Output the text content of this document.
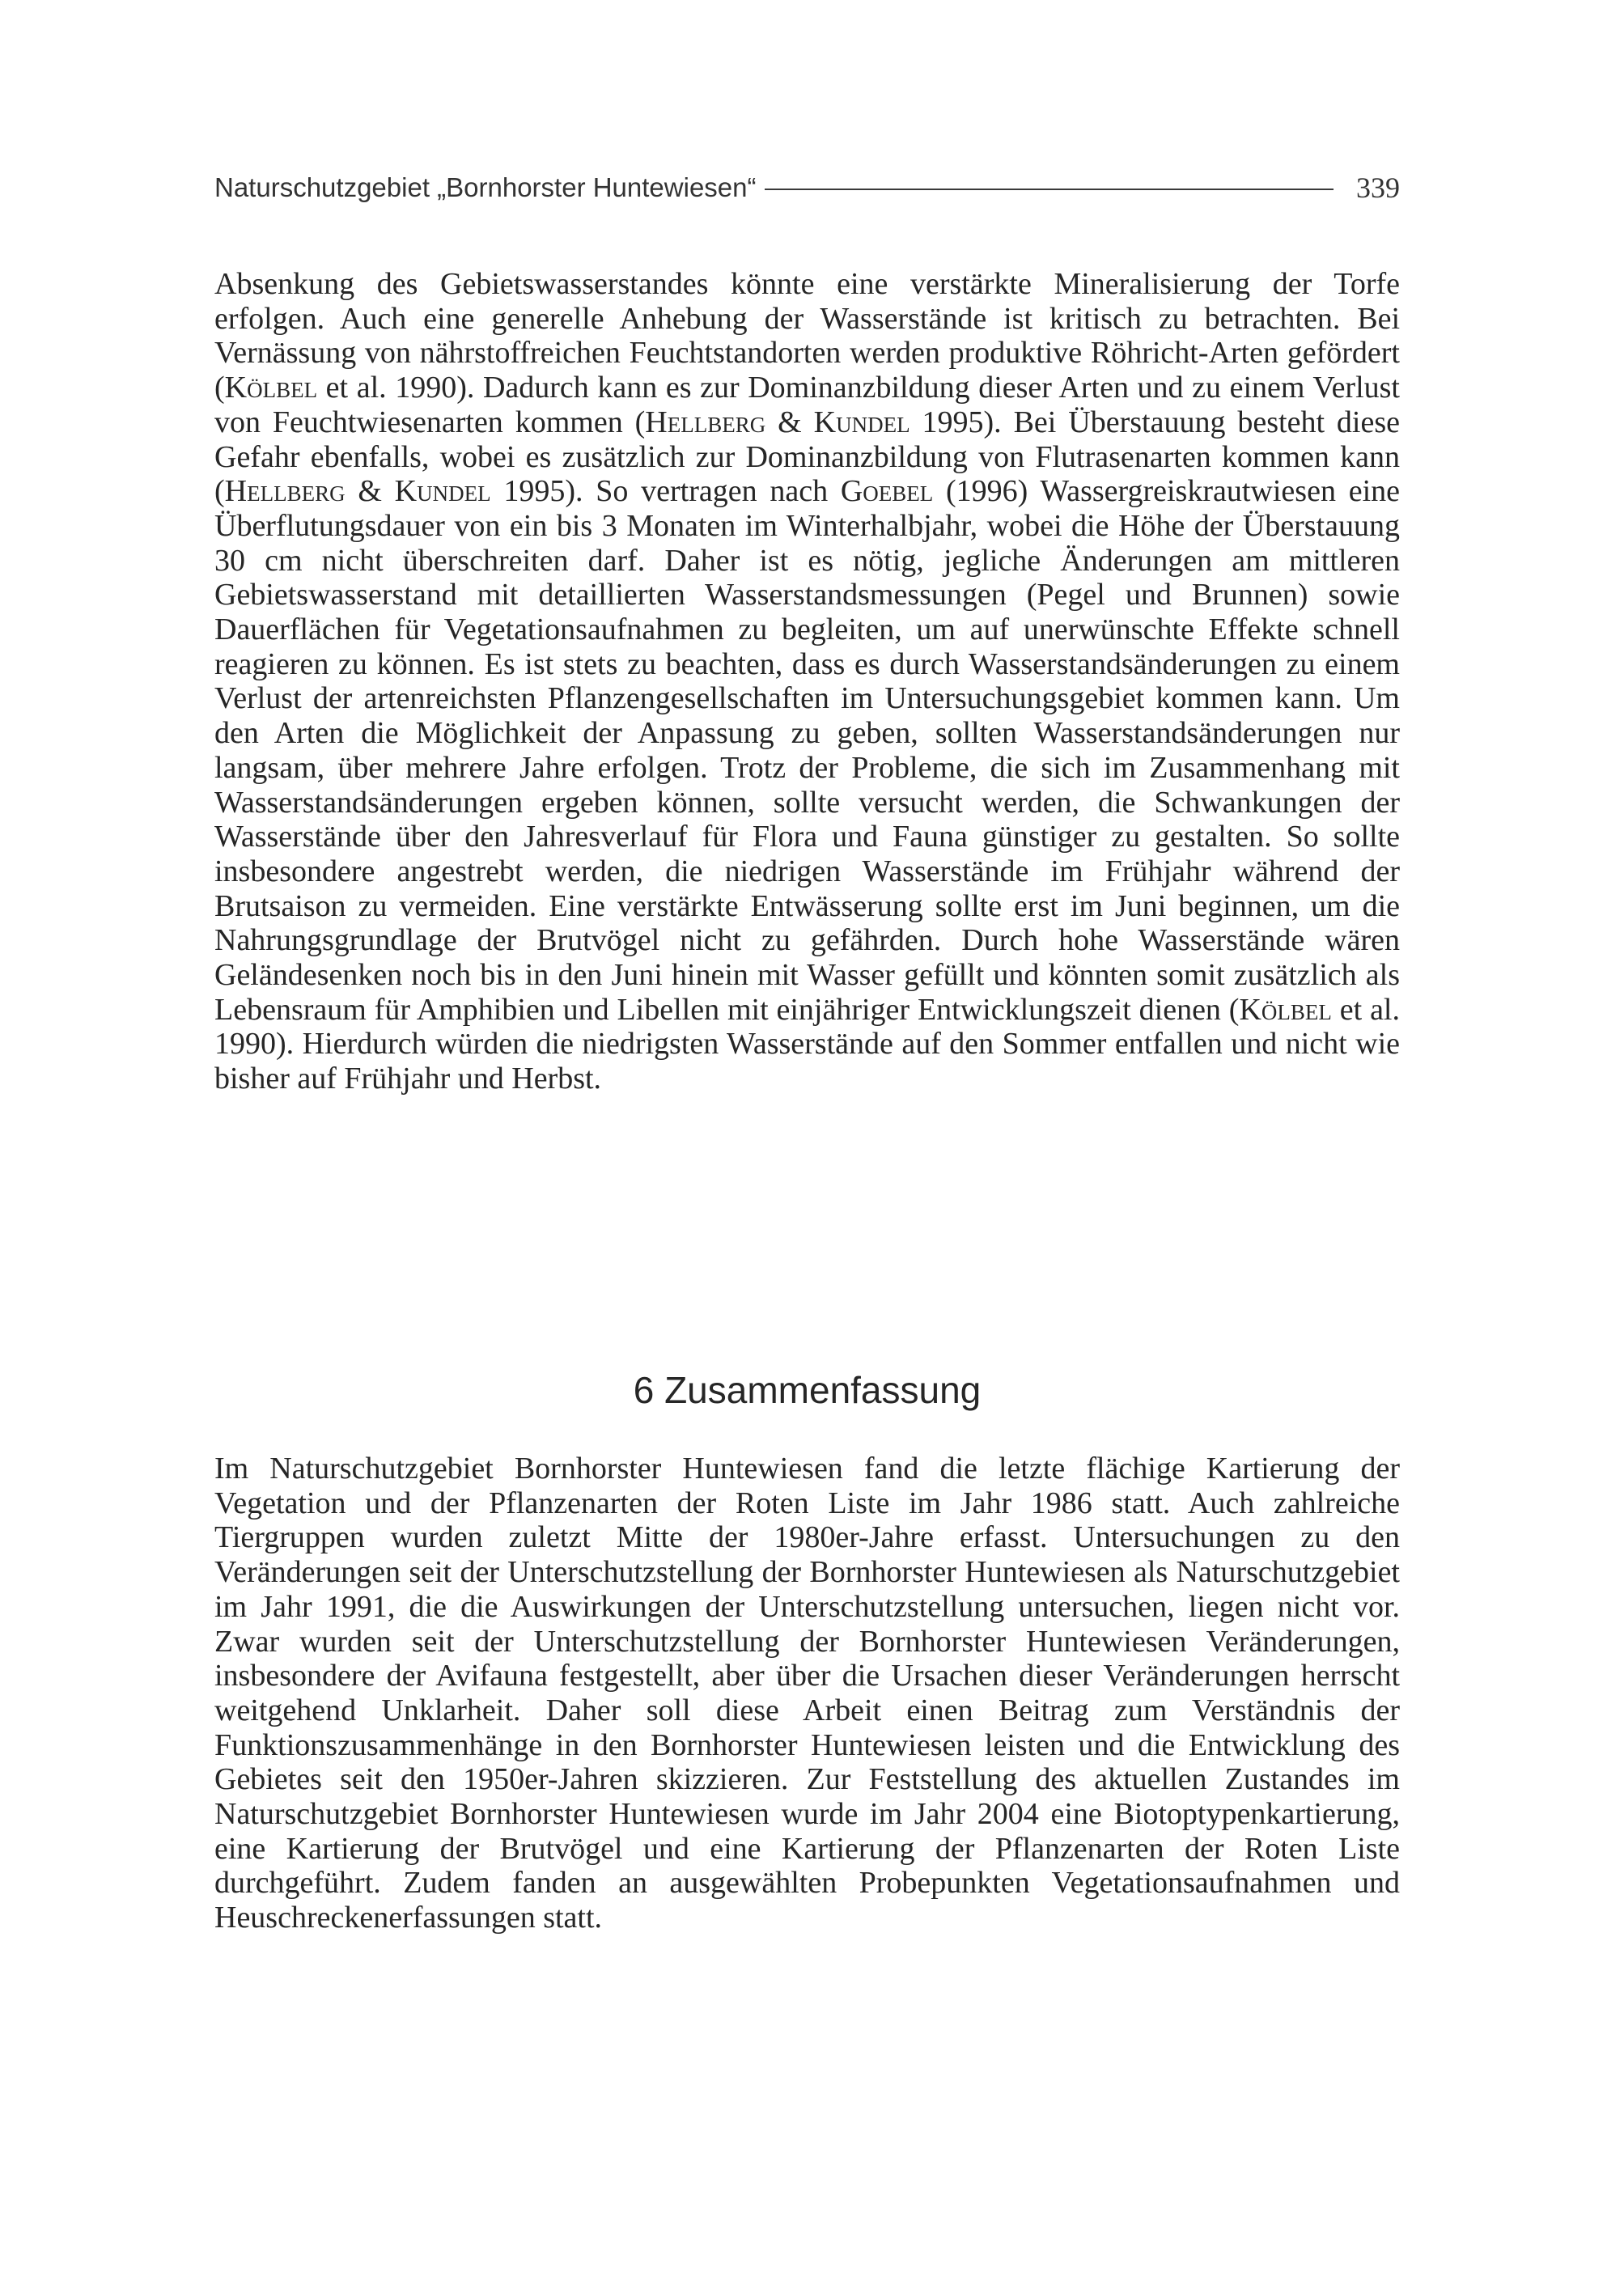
Naturschutzgebiet „Bornhorster Huntewiesen“	339

Absenkung des Gebietswasserstandes könnte eine verstärkte Mineralisierung der Torfe erfolgen. Auch eine generelle Anhebung der Wasserstände ist kritisch zu betrachten. Bei Vernässung von nährstoffreichen Feuchtstandorten werden produktive Röhricht-Arten gefördert (Kölbel et al. 1990). Dadurch kann es zur Dominanzbildung dieser Arten und zu einem Verlust von Feuchtwiesenarten kommen (Hellberg & Kundel 1995). Bei Überstauung besteht diese Gefahr ebenfalls, wobei es zusätzlich zur Dominanzbildung von Flutrasenarten kommen kann (Hellberg & Kundel 1995). So vertragen nach Goebel (1996) Wassergreiskrautwiesen eine Überflutungsdauer von ein bis 3 Monaten im Winterhalbjahr, wobei die Höhe der Überstauung 30 cm nicht überschreiten darf. Daher ist es nötig, jegliche Änderungen am mittleren Gebietswasserstand mit detaillierten Wasserstandsmessungen (Pegel und Brunnen) sowie Dauerflächen für Vegetationsaufnahmen zu begleiten, um auf unerwünschte Effekte schnell reagieren zu können. Es ist stets zu beachten, dass es durch Wasserstandsänderungen zu einem Verlust der artenreichsten Pflanzengesellschaften im Untersuchungsgebiet kommen kann. Um den Arten die Möglichkeit der Anpassung zu geben, sollten Wasserstandsänderungen nur langsam, über mehrere Jahre erfolgen. Trotz der Probleme, die sich im Zusammenhang mit Wasserstandsänderungen ergeben können, sollte versucht werden, die Schwankungen der Wasserstände über den Jahresverlauf für Flora und Fauna günstiger zu gestalten. So sollte insbesondere angestrebt werden, die niedrigen Wasserstände im Frühjahr während der Brutsaison zu vermeiden. Eine verstärkte Entwässerung sollte erst im Juni beginnen, um die Nahrungsgrundlage der Brutvögel nicht zu gefährden. Durch hohe Wasserstände wären Geländesenken noch bis in den Juni hinein mit Wasser gefüllt und könnten somit zusätzlich als Lebensraum für Amphibien und Libellen mit einjähriger Entwicklungszeit dienen (Kölbel et al. 1990). Hierdurch würden die niedrigsten Wasserstände auf den Sommer entfallen und nicht wie bisher auf Frühjahr und Herbst.

6 Zusammenfassung

Im Naturschutzgebiet Bornhorster Huntewiesen fand die letzte flächige Kartierung der Vegetation und der Pflanzenarten der Roten Liste im Jahr 1986 statt. Auch zahlreiche Tiergruppen wurden zuletzt Mitte der 1980er-Jahre erfasst. Untersuchungen zu den Veränderungen seit der Unterschutzstellung der Bornhorster Huntewiesen als Naturschutzgebiet im Jahr 1991, die die Auswirkungen der Unterschutzstellung untersuchen, liegen nicht vor. Zwar wurden seit der Unterschutzstellung der Bornhorster Huntewiesen Veränderungen, insbesondere der Avifauna festgestellt, aber über die Ursachen dieser Veränderungen herrscht weitgehend Unklarheit. Daher soll diese Arbeit einen Beitrag zum Verständnis der Funktionszusammenhänge in den Bornhorster Huntewiesen leisten und die Entwicklung des Gebietes seit den 1950er-Jahren skizzieren. Zur Feststellung des aktuellen Zustandes im Naturschutzgebiet Bornhorster Huntewiesen wurde im Jahr 2004 eine Biotoptypenkartierung, eine Kartierung der Brutvögel und eine Kartierung der Pflanzenarten der Roten Liste durchgeführt. Zudem fanden an ausgewählten Probepunkten Vegetationsaufnahmen und Heuschreckenerfassungen statt.
